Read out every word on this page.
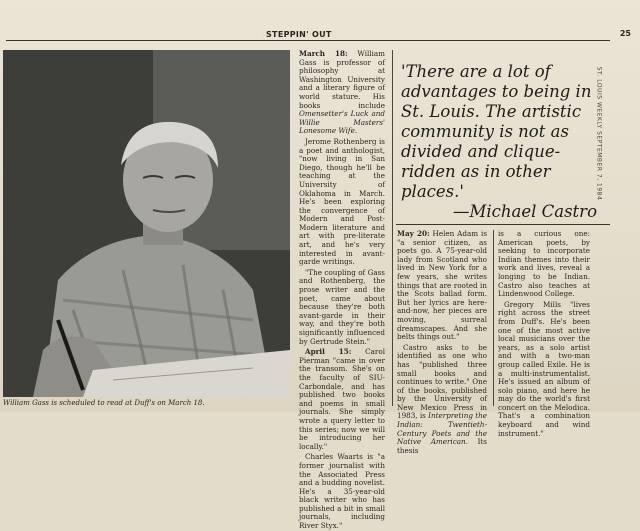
STEPPIN' OUT	25
ST. LOUIS WEEKLY SEPTEMBER 7, 1984
William Gass is scheduled to read at Duff's on March 18.

March 18: William Gass is professor of philosophy at Washington University and a literary figure of world stature. His books include Omensetter's Luck and Willie Masters' Lonesome Wife.

Jerome Rothenberg is a poet and anthologist, "now living in San Diego, though he'll be teaching at the University of Oklahoma in March. He's been exploring the convergence of Modern and Post-Modern literature and art with pre-literate art, and he's very interested in avant-garde writings.

"The coupling of Gass and Rothenberg, the prose writer and the poet, came about because they're both avant-garde in their way, and they're both significantly influenced by Gertrude Stein."

April 15: Carol Pierman "came in over the transom. She's on the faculty of SIU-Carbondale, and has published two books and poems in small journals. She simply wrote a query letter to this series; now we will be introducing her locally."

Charles Waarts is "a former journalist with the Associated Press and a budding novelist. He's a 35-year-old black writer who has published a bit in small journals, including River Styx."

'There are a lot of advantages to being in St. Louis. The artistic community is not as divided and clique-ridden as in other places.'
—Michael Castro

May 20: Helen Adam is "a senior citizen, as poets go. A 75-year-old lady from Scotland who lived in New York for a few years, she writes things that are rooted in the Scots ballad form. But her lyrics are here-and-now, her pieces are moving, surreal dreamscapes. And she belts things out."

Castro asks to be identified as one who has "published three small books and continues to write." One of the books, published by the University of New Mexico Press in 1983, is Interpreting the Indian: Twentieth-Century Poets and the Native American. Its thesis

is a curious one: American poets, by seeking to incorporate Indian themes into their work and lives, reveal a longing to be Indian. Castro also teaches at Lindenwood College.

Gregory Mills "lives right across the street from Duff's. He's been one of the most active local musicians over the years, as a solo artist and with a two-man group called Exile. He is a multi-instrumentalist. He's issued an album of solo piano, and here he may do the world's first concert on the Melodica. That's a combination keyboard and wind instrument."
